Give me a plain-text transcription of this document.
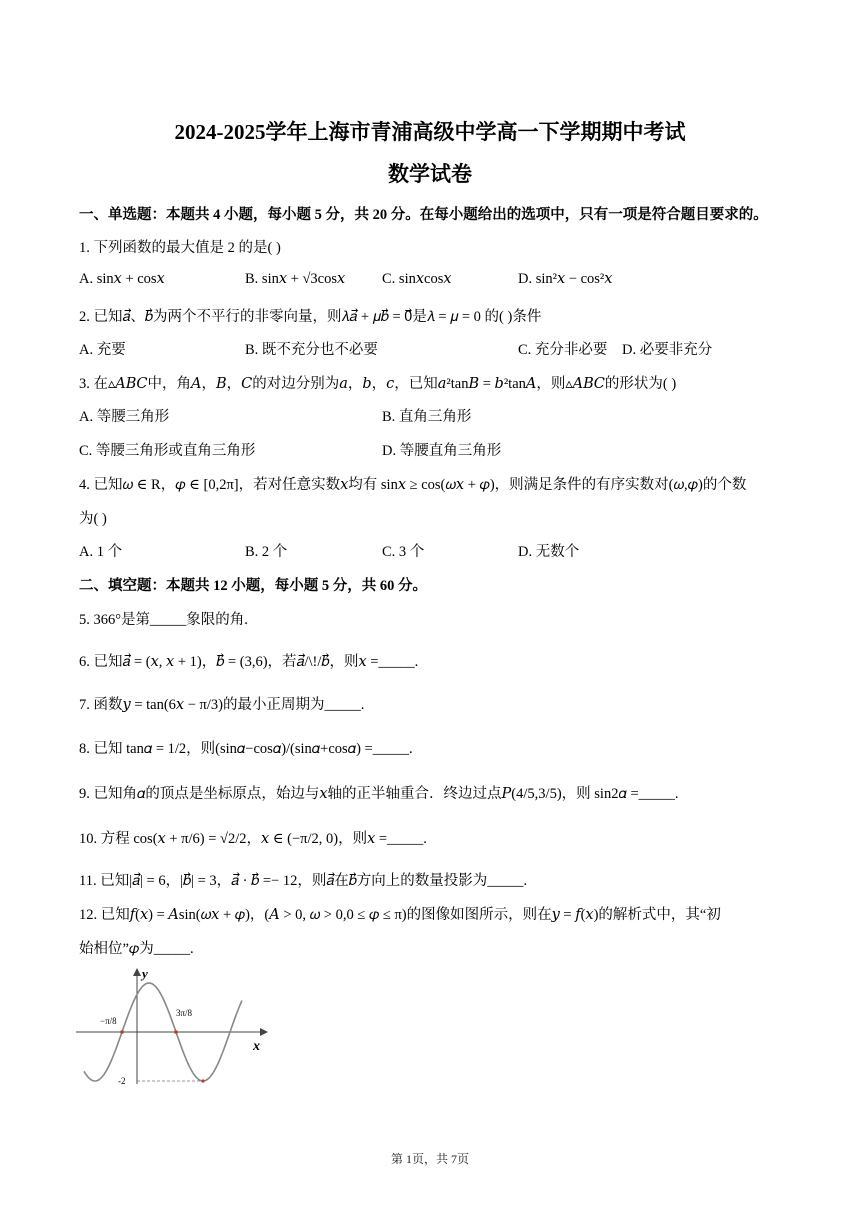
2024-2025学年上海市青浦高级中学高一下学期期中考试
数学试卷
一、单选题：本题共 4 小题，每小题 5 分，共 20 分。在每小题给出的选项中，只有一项是符合题目要求的。
1. 下列函数的最大值是 2 的是( )
A. sin𝑥 + cos𝑥	B. sin𝑥 + √3cos𝑥	C. sin𝑥cos𝑥	D. sin²𝑥 − cos²𝑥
2. 已知𝑎⃗、𝑏⃗为两个不平行的非零向量，则𝜆𝑎⃗ + 𝜇𝑏⃗ = 0⃗是𝜆 = 𝜇 = 0 的( )条件
A. 充要	B. 既不充分也不必要	C. 充分非必要 D. 必要非充分
3. 在▵𝐴𝐵𝐶中，角𝐴，𝐵，𝐶的对边分别为𝑎，𝑏，𝑐，已知𝑎²tan𝐵 = 𝑏²tan𝐴，则▵𝐴𝐵𝐶的形状为( )
A. 等腰三角形	B. 直角三角形
C. 等腰三角形或直角三角形	D. 等腰直角三角形
4. 已知𝜔 ∈ R，𝜑 ∈ [0,2π]，若对任意实数𝑥均有 sin𝑥 ≥ cos(𝜔𝑥 + 𝜑)，则满足条件的有序实数对(𝜔,𝜑)的个数
为( )
A. 1 个	B. 2 个	C. 3 个	D. 无数个
二、填空题：本题共 12 小题，每小题 5 分，共 60 分。
5. 366°是第_____象限的角.
6. 已知𝑎⃗ = (𝑥, 𝑥 + 1)，𝑏⃗ = (3,6)，若𝑎⃗/\!/𝑏⃗，则𝑥 =_____.
7. 函数𝑦 = tan(6𝑥 − π/3)的最小正周期为_____.
8. 已知 tan𝛼 = 1/2，则(sin𝛼−cos𝛼)/(sin𝛼+cos𝛼) =_____.
9. 已知角𝛼的顶点是坐标原点，始边与𝑥轴的正半轴重合．终边过点𝑃(4/5,3/5)，则 sin2𝛼 =_____.
10. 方程 cos(𝑥 + π/6) = √2/2，𝑥 ∈ (−π/2, 0)，则𝑥 =_____.
11. 已知|𝑎⃗| = 6，|𝑏⃗| = 3，𝑎⃗ · 𝑏⃗ =− 12，则𝑎⃗在𝑏⃗方向上的数量投影为_____.
12. 已知𝑓(𝑥) = 𝐴sin(𝜔𝑥 + 𝜑)，(𝐴 > 0, 𝜔 > 0,0 ≤ 𝜑 ≤ π)的图像如图所示，则在𝑦 = 𝑓(𝑥)的解析式中，其“初
始相位”𝜑为_____.
y
x
-2
−π/8
3π/8
第 1页，共 7页
